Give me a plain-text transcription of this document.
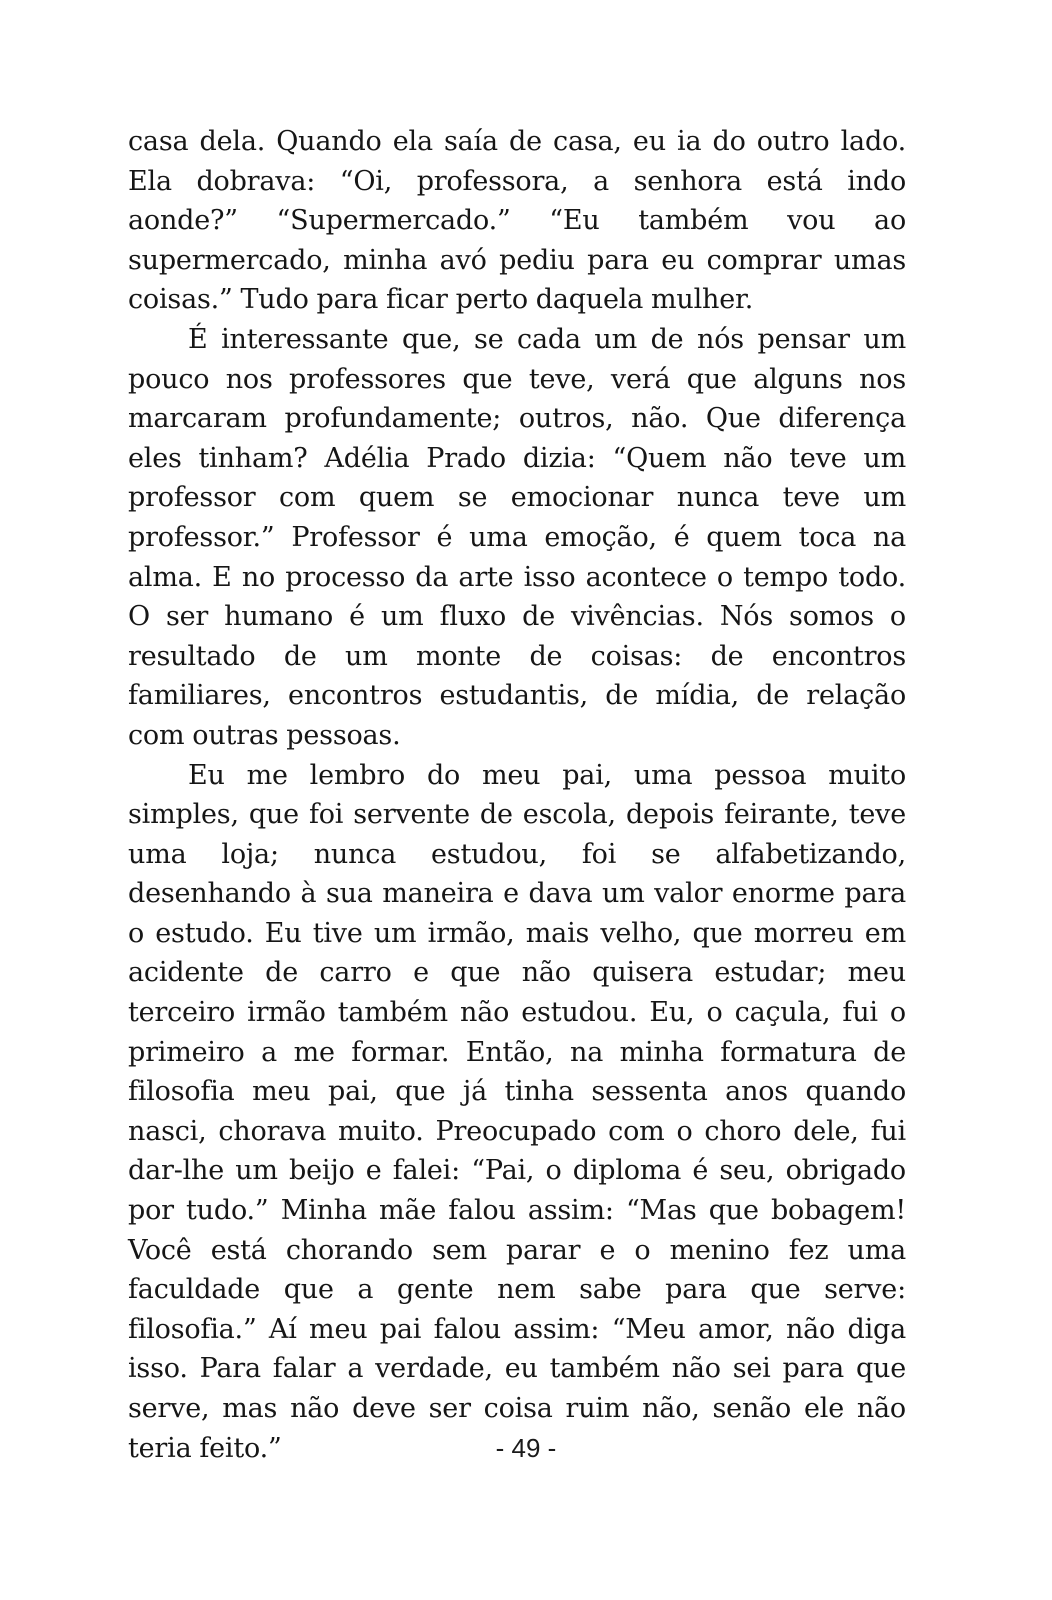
casa dela. Quando ela saía de casa, eu ia do outro lado. Ela dobrava: “Oi, professora, a senhora está indo aonde?” “Supermercado.” “Eu também vou ao supermercado, minha avó pediu para eu comprar umas coisas.” Tudo para ficar perto daquela mulher.

É interessante que, se cada um de nós pensar um pouco nos professores que teve, verá que alguns nos marcaram profundamente; outros, não. Que diferença eles tinham? Adélia Prado dizia: “Quem não teve um professor com quem se emocionar nunca teve um professor.” Professor é uma emoção, é quem toca na alma. E no processo da arte isso acontece o tempo todo. O ser humano é um fluxo de vivências. Nós somos o resultado de um monte de coisas: de encontros familiares, encontros estudantis, de mídia, de relação com outras pessoas.

Eu me lembro do meu pai, uma pessoa muito simples, que foi servente de escola, depois feirante, teve uma loja; nunca estudou, foi se alfabetizando, desenhando à sua maneira e dava um valor enorme para o estudo. Eu tive um irmão, mais velho, que morreu em acidente de carro e que não quisera estudar; meu terceiro irmão também não estudou. Eu, o caçula, fui o primeiro a me formar. Então, na minha formatura de filosofia meu pai, que já tinha sessenta anos quando nasci, chorava muito. Preocupado com o choro dele, fui dar-lhe um beijo e falei: “Pai, o diploma é seu, obrigado por tudo.” Minha mãe falou assim: “Mas que bobagem! Você está chorando sem parar e o menino fez uma faculdade que a gente nem sabe para que serve: filosofia.” Aí meu pai falou assim: “Meu amor, não diga isso. Para falar a verdade, eu também não sei para que serve, mas não deve ser coisa ruim não, senão ele não teria feito.”	- 49 -
